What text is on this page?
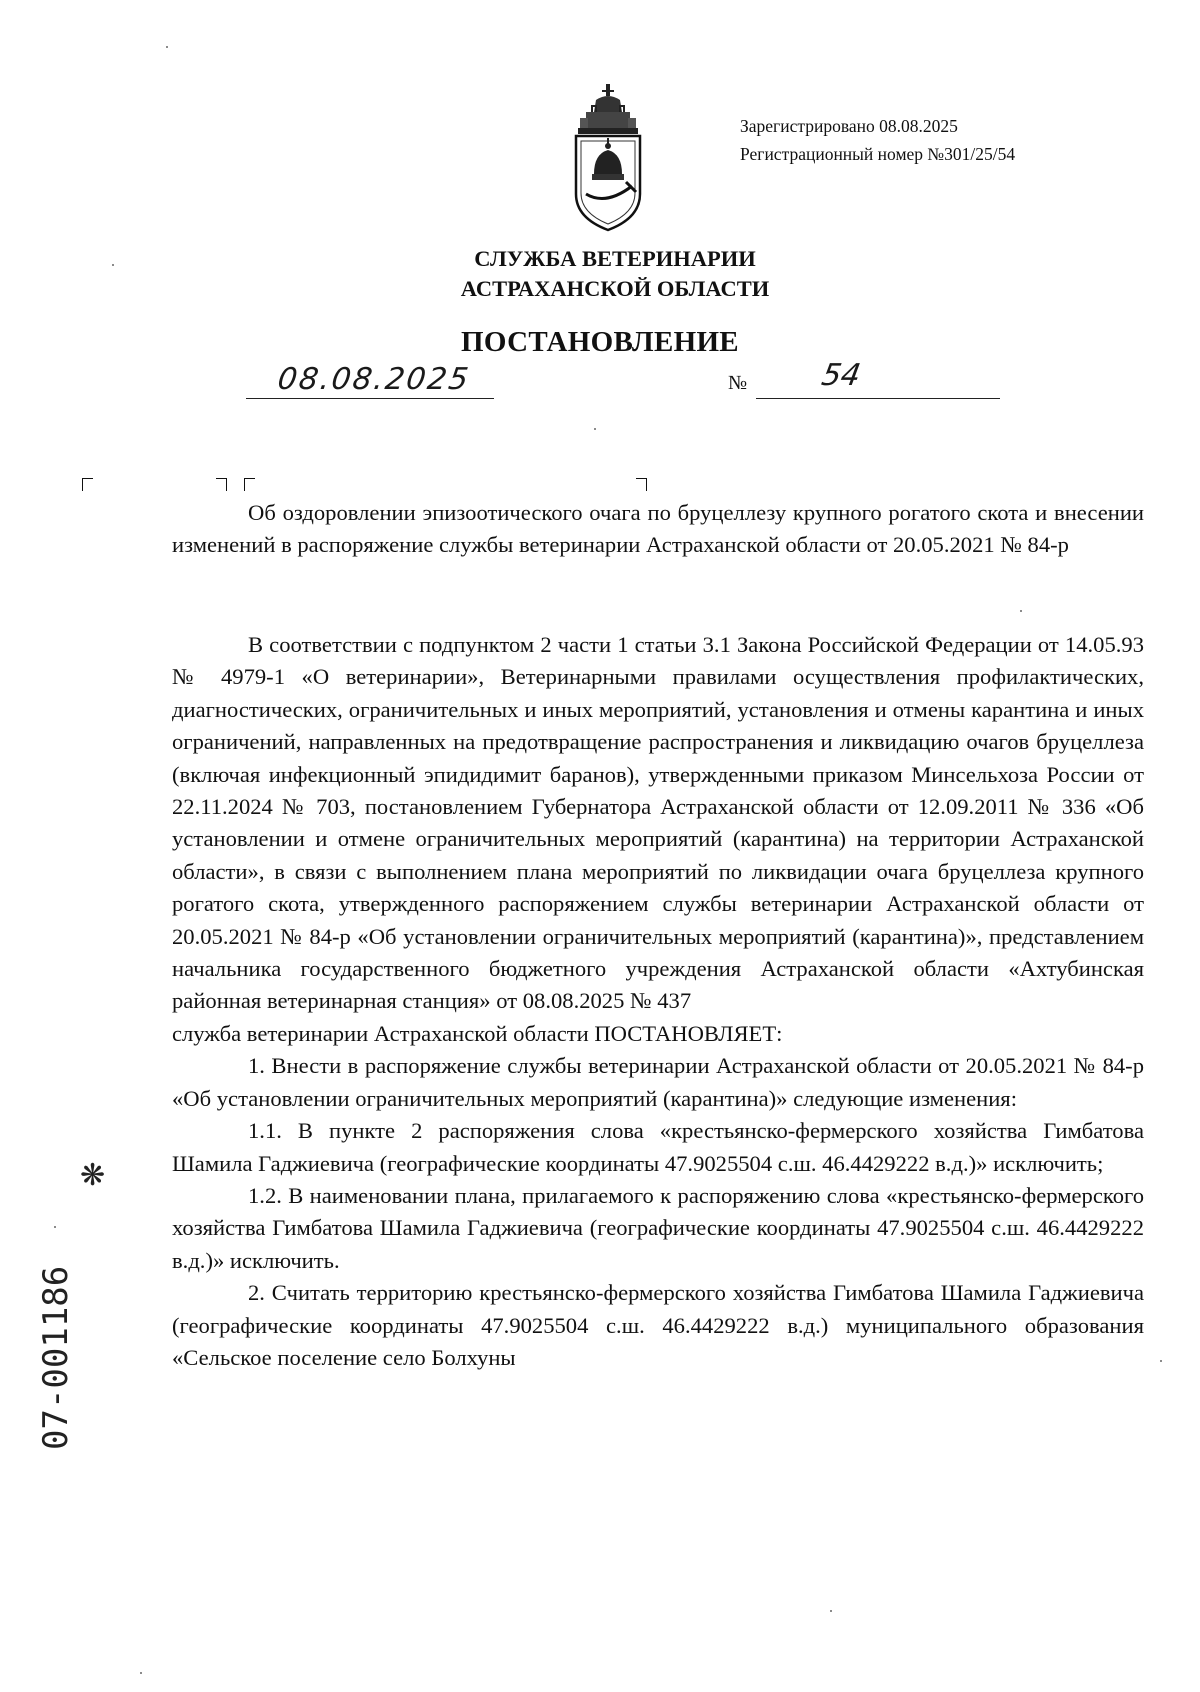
Зарегистрировано 08.08.2025
Регистрационный номер №301/25/54
СЛУЖБА ВЕТЕРИНАРИИ
АСТРАХАНСКОЙ ОБЛАСТИ
ПОСТАНОВЛЕНИЕ
08.08.2025	№ 54
Об оздоровлении эпизоотического очага по бруцеллезу крупного рогатого скота и внесении изменений в распоряжение службы ветеринарии Астраханской области от 20.05.2021 № 84-р

В соответствии с подпунктом 2 части 1 статьи 3.1 Закона Российской Федерации от 14.05.93 № 4979-1 «О ветеринарии», Ветеринарными правилами осуществления профилактических, диагностических, ограничительных и иных мероприятий, установления и отмены карантина и иных ограничений, направленных на предотвращение распространения и ликвидацию очагов бруцеллеза (включая инфекционный эпидидимит баранов), утвержденными приказом Минсельхоза России от 22.11.2024 № 703, постановлением Губернатора Астраханской области от 12.09.2011 № 336 «Об установлении и отмене ограничительных мероприятий (карантина) на территории Астраханской области», в связи с выполнением плана мероприятий по ликвидации очага бруцеллеза крупного рогатого скота, утвержденного распоряжением службы ветеринарии Астраханской области от 20.05.2021 № 84-р «Об установлении ограничительных мероприятий (карантина)», представлением начальника государственного бюджетного учреждения Астраханской области «Ахтубинская районная ветеринарная станция» от 08.08.2025 № 437

служба ветеринарии Астраханской области ПОСТАНОВЛЯЕТ:

1. Внести в распоряжение службы ветеринарии Астраханской области от 20.05.2021 № 84-р «Об установлении ограничительных мероприятий (карантина)» следующие изменения:

1.1. В пункте 2 распоряжения слова «крестьянско-фермерского хозяйства Гимбатова Шамила Гаджиевича (географические координаты 47.9025504 с.ш. 46.4429222 в.д.)» исключить;

1.2. В наименовании плана, прилагаемого к распоряжению слова «крестьянско-фермерского хозяйства Гимбатова Шамила Гаджиевича (географические координаты 47.9025504 с.ш. 46.4429222 в.д.)» исключить.

2. Считать территорию крестьянско-фермерского хозяйства Гимбатова Шамила Гаджиевича (географические координаты 47.9025504 с.ш. 46.4429222 в.д.) муниципального образования «Сельское поселение село Болхуны

❋
07-001186
